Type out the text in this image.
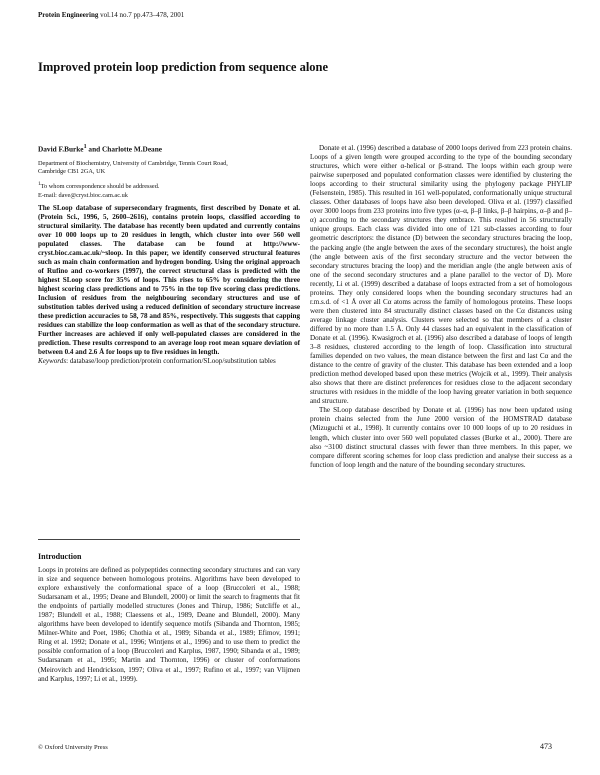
Protein Engineering vol.14 no.7 pp.473–478, 2001
Improved protein loop prediction from sequence alone

David F.Burke$^1$ and Charlotte M.Deane

Department of Biochemistry, University of Cambridge, Tennis Court Road,
Cambridge CB1 2GA, UK

$^1$To whom correspondence should be addressed.
E-mail: dave@cryst.bioc.cam.ac.uk

The SLoop database of supersecondary fragments, first described by Donate et al. (Protein Sci., 1996, 5, 2600–2616), contains protein loops, classified according to structural similarity. The database has recently been updated and currently contains over 10 000 loops up to 20 residues in length, which cluster into over 560 well populated classes. The database can be found at http://www-cryst.bioc.cam.ac.uk/~sloop. In this paper, we identify conserved structural features such as main chain conformation and hydrogen bonding. Using the original approach of Rufino and co-workers (1997), the correct structural class is predicted with the highest SLoop score for 35% of loops. This rises to 65% by considering the three highest scoring class predictions and to 75% in the top five scoring class predictions. Inclusion of residues from the neighbouring secondary structures and use of substitution tables derived using a reduced definition of secondary structure increase these prediction accuracies to 58, 78 and 85%, respectively. This suggests that capping residues can stabilize the loop conformation as well as that of the secondary structure. Further increases are achieved if only well-populated classes are considered in the prediction. These results correspond to an average loop root mean square deviation of between 0.4 and 2.6 Å for loops up to five residues in length.

Keywords: database/loop prediction/protein conformation/SLoop/substitution tables

Introduction

Loops in proteins are defined as polypeptides connecting secondary structures and can vary in size and sequence between homologous proteins. Algorithms have been developed to explore exhaustively the conformational space of a loop (Bruccoleri et al., 1988; Sudarsanam et al., 1995; Deane and Blundell, 2000) or limit the search to fragments that fit the endpoints of partially modelled structures (Jones and Thirup, 1986; Sutcliffe et al., 1987; Blundell et al., 1988; Claessens et al., 1989, Deane and Blundell, 2000). Many algorithms have been developed to identify sequence motifs (Sibanda and Thornton, 1985; Milner-White and Poet, 1986; Chothia et al., 1989; Sibanda et al., 1989; Efimov, 1991; Ring et al. 1992; Donate et al., 1996; Wintjens et al., 1996) and to use them to predict the possible conformation of a loop (Bruccoleri and Karplus, 1987, 1990; Sibanda et al., 1989; Sudarsanam et al., 1995; Martin and Thornton, 1996) or cluster of conformations (Meirovitch and Hendrickson, 1997; Oliva et al., 1997; Rufino et al., 1997; van Vlijmen and Karplus, 1997; Li et al., 1999).

Donate et al. (1996) described a database of 2000 loops derived from 223 protein chains. Loops of a given length were grouped according to the type of the bounding secondary structures, which were either α-helical or β-strand. The loops within each group were pairwise superposed and populated conformation classes were identified by clustering the loops according to their structural similarity using the phylogeny package PHYLIP (Felsenstein, 1985). This resulted in 161 well-populated, conformationally unique structural classes. Other databases of loops have also been developed. Oliva et al. (1997) classified over 3000 loops from 233 proteins into five types (α–α, β–β links, β–β hairpins, α–β and β–α) according to the secondary structures they embrace. This resulted in 56 structurally unique groups. Each class was divided into one of 121 sub-classes according to four geometric descriptors: the distance (D) between the secondary structures bracing the loop, the packing angle (the angle between the axes of the secondary structures), the hoist angle (the angle between axis of the first secondary structure and the vector between the secondary structures bracing the loop) and the meridian angle (the angle between axis of one of the second secondary structures and a plane parallel to the vector of D). More recently, Li et al. (1999) described a database of loops extracted from a set of homologous proteins. They only considered loops when the bounding secondary structures had an r.m.s.d. of <1 Å over all Cα atoms across the family of homologous proteins. These loops were then clustered into 84 structurally distinct classes based on the Cα distances using average linkage cluster analysis. Clusters were selected so that members of a cluster differed by no more than 1.5 Å. Only 44 classes had an equivalent in the classification of Donate et al. (1996). Kwasigroch et al. (1996) also described a database of loops of length 3–8 residues, clustered according to the length of loop. Classification into structural families depended on two values, the mean distance between the first and last Cα and the distance to the centre of gravity of the cluster. This database has been extended and a loop prediction method developed based upon these metrics (Wojcik et al., 1999). Their analysis also shows that there are distinct preferences for residues close to the adjacent secondary structures with residues in the middle of the loop having greater variation in both sequence and structure.

The SLoop database described by Donate et al. (1996) has now been updated using protein chains selected from the June 2000 version of the HOMSTRAD database (Mizuguchi et al., 1998). It currently contains over 10 000 loops of up to 20 residues in length, which cluster into over 560 well populated classes (Burke et al., 2000). There are also ~3100 distinct structural classes with fewer than three members. In this paper, we compare different scoring schemes for loop class prediction and analyse their success as a function of loop length and the nature of the bounding secondary structures.

© Oxford University Press	473
